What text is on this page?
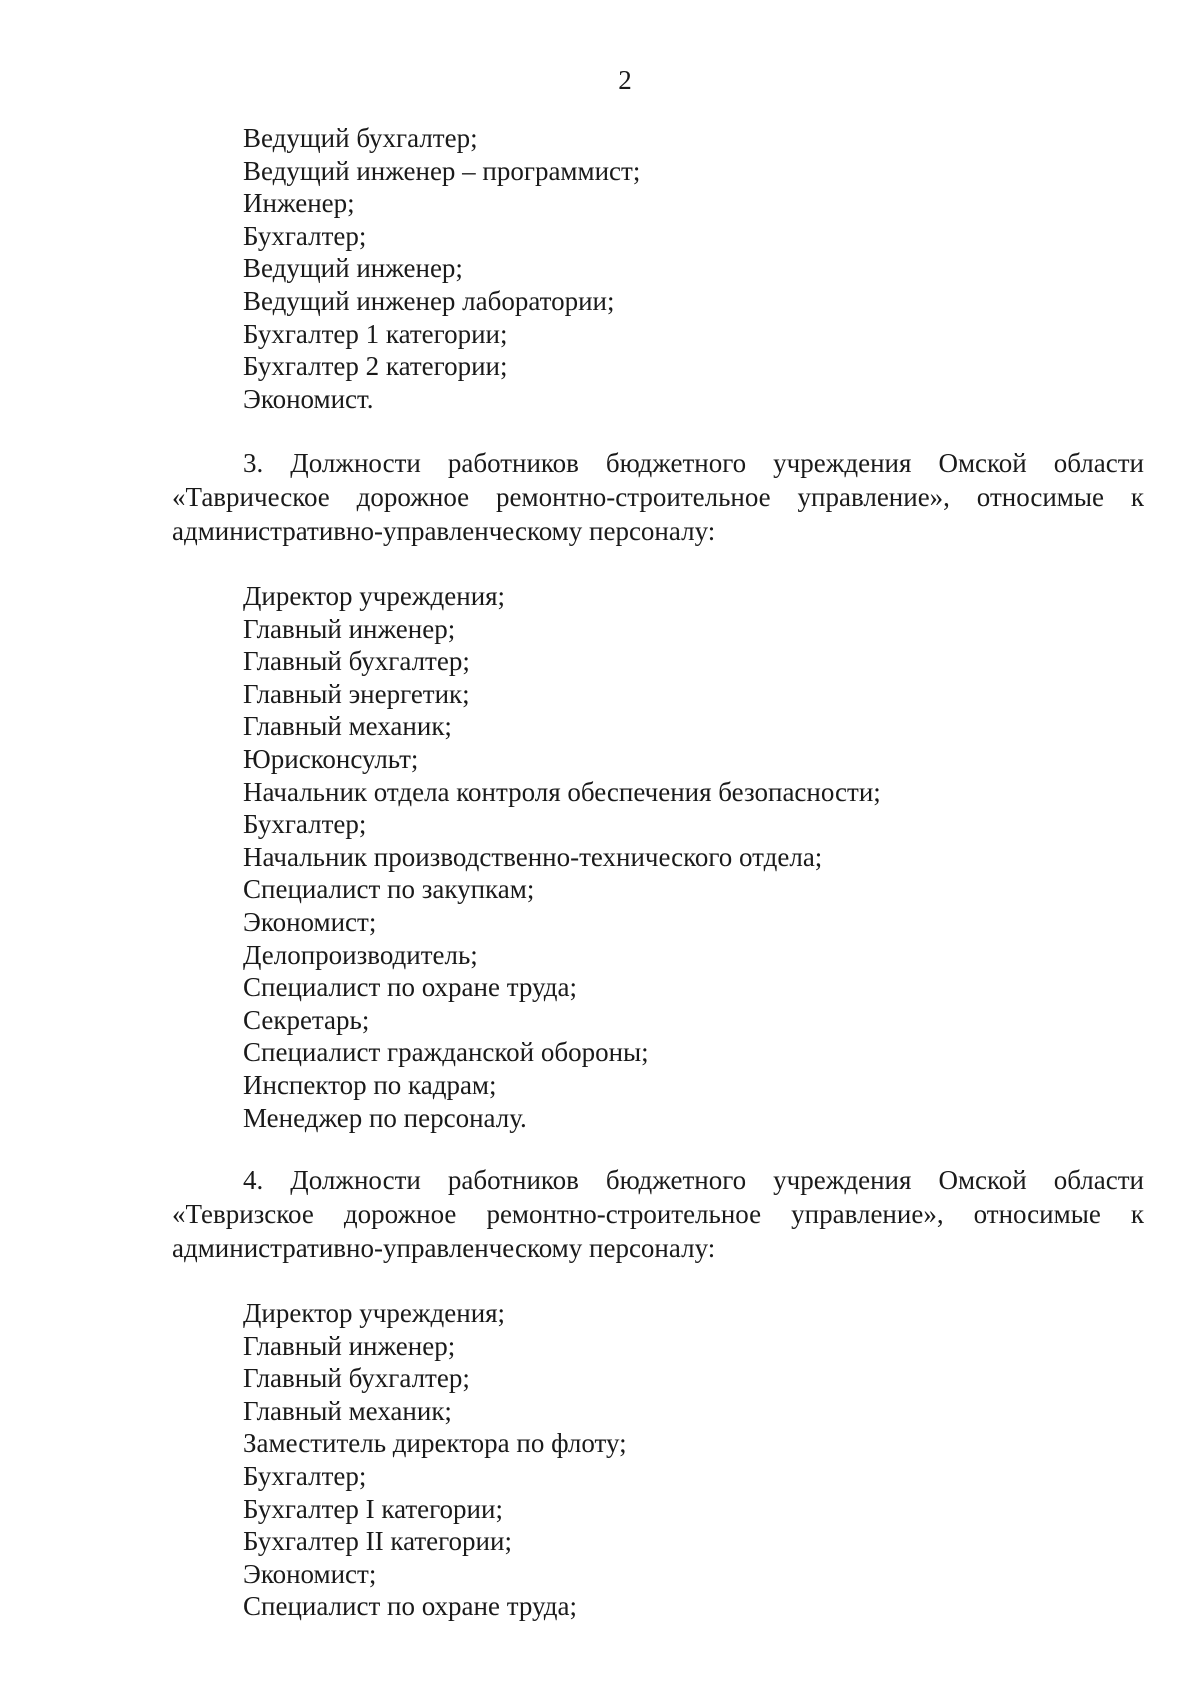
2
Ведущий бухгалтер;
Ведущий инженер – программист;
Инженер;
Бухгалтер;
Ведущий инженер;
Ведущий инженер лаборатории;
Бухгалтер 1 категории;
Бухгалтер 2 категории;
Экономист.

3. Должности работников бюджетного учреждения Омской области «Таврическое дорожное ремонтно-строительное управление», относимые к административно-управленческому персоналу:

Директор учреждения;
Главный инженер;
Главный бухгалтер;
Главный энергетик;
Главный механик;
Юрисконсульт;
Начальник отдела контроля обеспечения безопасности;
Бухгалтер;
Начальник производственно-технического отдела;
Специалист по закупкам;
Экономист;
Делопроизводитель;
Специалист по охране труда;
Секретарь;
Специалист гражданской обороны;
Инспектор по кадрам;
Менеджер по персоналу.

4. Должности работников бюджетного учреждения Омской области «Тевризское дорожное ремонтно-строительное управление», относимые к административно-управленческому персоналу:

Директор учреждения;
Главный инженер;
Главный бухгалтер;
Главный механик;
Заместитель директора по флоту;
Бухгалтер;
Бухгалтер I категории;
Бухгалтер II категории;
Экономист;
Специалист по охране труда;
